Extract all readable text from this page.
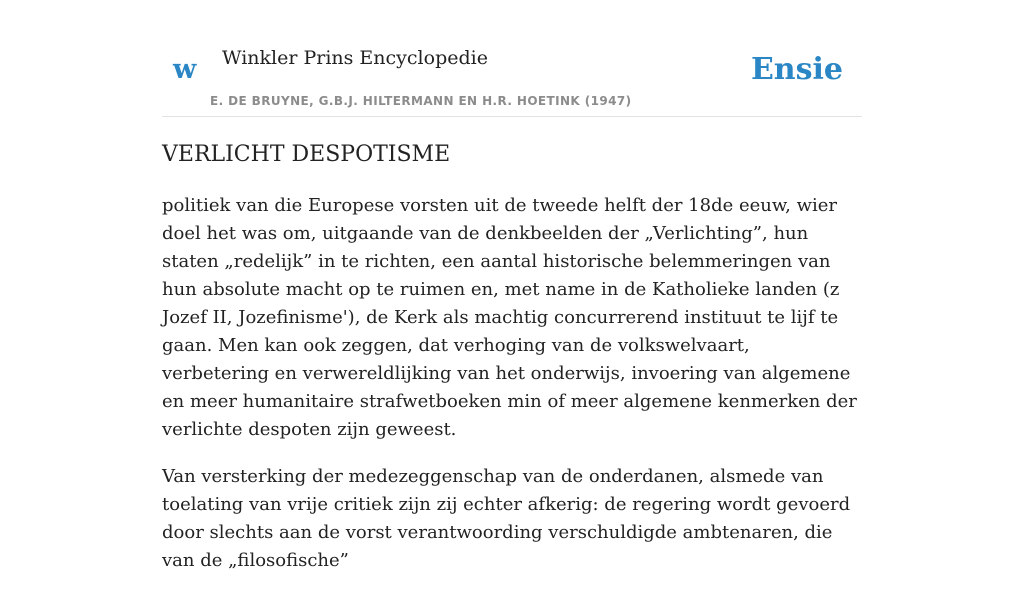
w Winkler Prins Encyclopedie
E. DE BRUYNE, G.B.J. HILTERMANN EN H.R. HOETINK (1947)
Ensie
VERLICHT DESPOTISME

politiek van die Europese vorsten uit de tweede helft der 18de eeuw, wier doel het was om, uitgaande van de denkbeelden der „Verlichting”, hun staten „redelijk” in te richten, een aantal historische belemmeringen van hun absolute macht op te ruimen en, met name in de Katholieke landen (z Jozef II, Jozefinisme'), de Kerk als machtig concurrerend instituut te lijf te gaan. Men kan ook zeggen, dat verhoging van de volkswelvaart, verbetering en verwereldlijking van het onderwijs, invoering van algemene en meer humanitaire strafwetboeken min of meer algemene kenmerken der verlichte despoten zijn geweest.

Van versterking der medezeggenschap van de onderdanen, alsmede van toelating van vrije critiek zijn zij echter afkerig: de regering wordt gevoerd door slechts aan de vorst verantwoording verschuldigde ambtenaren, die van de „filosofische”
